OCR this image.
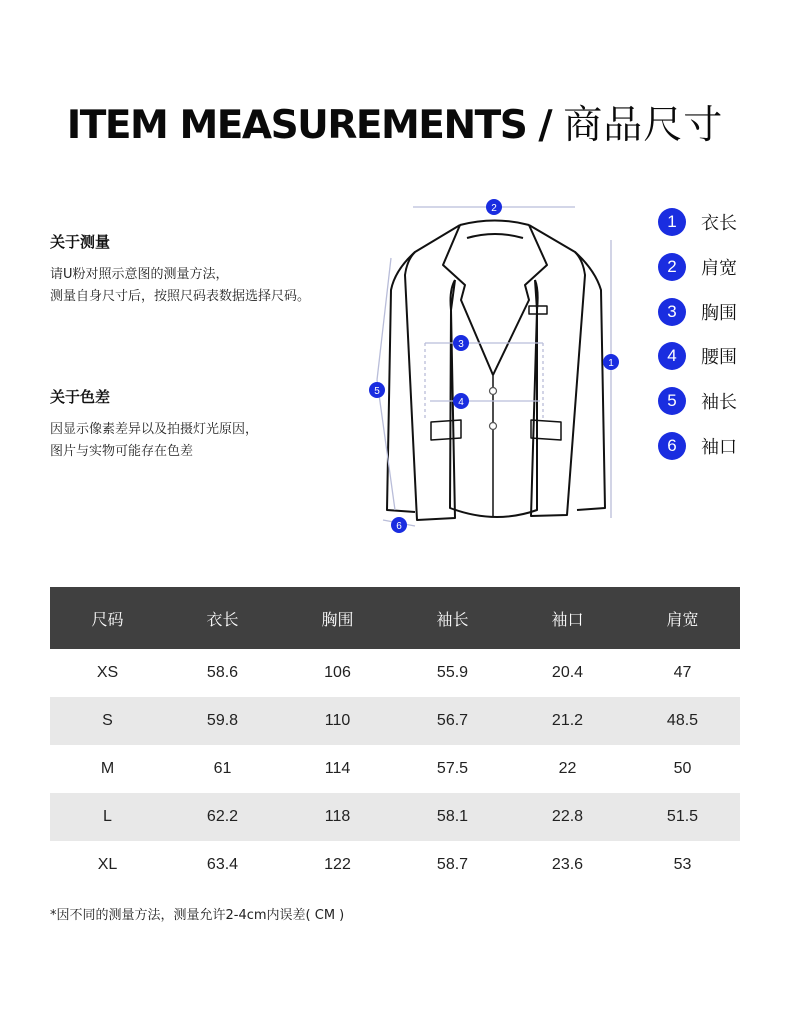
ITEM MEASUREMENTS / 商品尺寸
关于测量
请U粉对照示意图的测量方法，
测量自身尺寸后，按照尺码表数据选择尺码。
关于色差
因显示像素差异以及拍摄灯光原因，
图片与实物可能存在色差
2
1
3
4
5
6
1	衣长
2	肩宽
3	胸围
4	腰围
5	袖长
6	袖口
尺码	衣长	胸围	袖长	袖口	肩宽
XS	58.6	106	55.9	20.4	47
S	59.8	110	56.7	21.2	48.5
M	61	114	57.5	22	50
L	62.2	118	58.1	22.8	51.5
XL	63.4	122	58.7	23.6	53
*因不同的测量方法，测量允许2-4cm内误差( CM )
